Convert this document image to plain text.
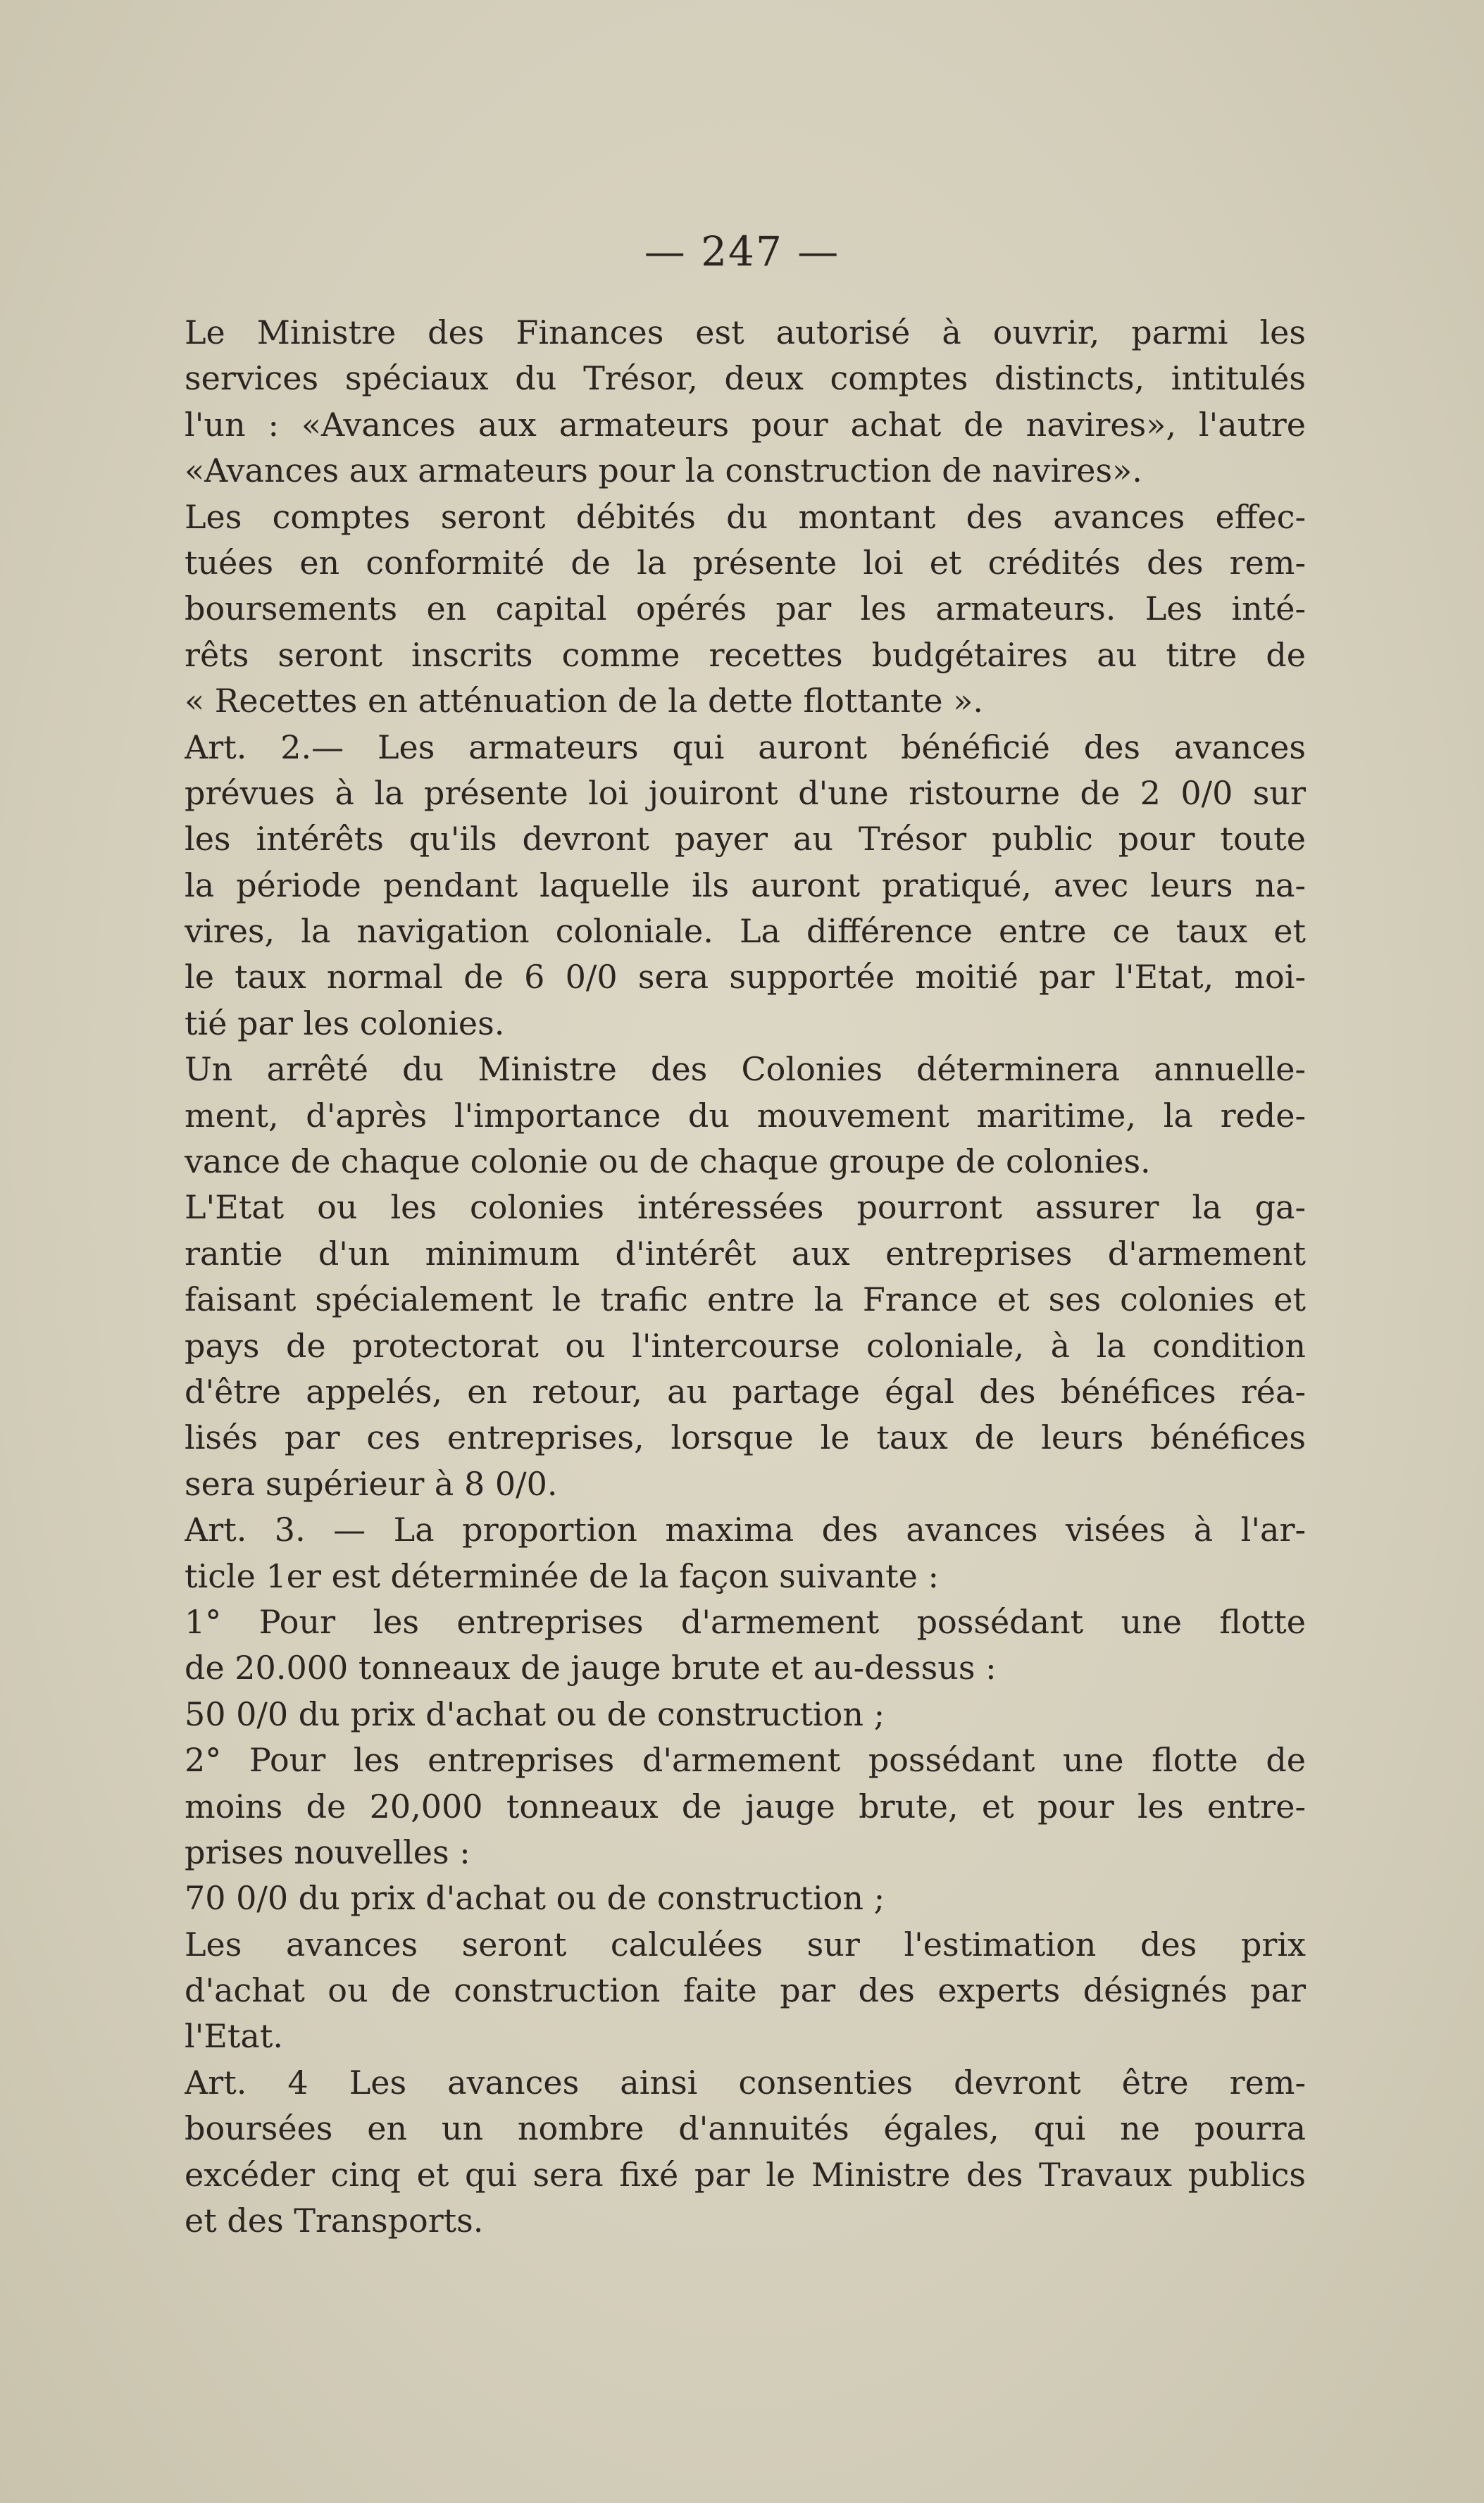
— 247 —
Le Ministre des Finances est autorisé à ouvrir, parmi les
services spéciaux du Trésor, deux comptes distincts, intitulés
l'un : «Avances aux armateurs pour achat de navires», l'autre
«Avances aux armateurs pour la construction de navires».
Les comptes seront débités du montant des avances effec-
tuées en conformité de la présente loi et crédités des rem-
boursements en capital opérés par les armateurs. Les inté-
rêts seront inscrits comme recettes budgétaires au titre de
« Recettes en atténuation de la dette flottante ».
Art. 2.— Les armateurs qui auront bénéficié des avances
prévues à la présente loi jouiront d'une ristourne de 2 0/0 sur
les intérêts qu'ils devront payer au Trésor public pour toute
la période pendant laquelle ils auront pratiqué, avec leurs na-
vires, la navigation coloniale. La différence entre ce taux et
le taux normal de 6 0/0 sera supportée moitié par l'Etat, moi-
tié par les colonies.
Un arrêté du Ministre des Colonies déterminera annuelle-
ment, d'après l'importance du mouvement maritime, la rede-
vance de chaque colonie ou de chaque groupe de colonies.
L'Etat ou les colonies intéressées pourront assurer la ga-
rantie d'un minimum d'intérêt aux entreprises d'armement
faisant spécialement le trafic entre la France et ses colonies et
pays de protectorat ou l'intercourse coloniale, à la condition
d'être appelés, en retour, au partage égal des bénéfices réa-
lisés par ces entreprises, lorsque le taux de leurs bénéfices
sera supérieur à 8 0/0.
Art. 3. — La proportion maxima des avances visées à l'ar-
ticle 1er est déterminée de la façon suivante :
1° Pour les entreprises d'armement possédant une flotte
de 20.000 tonneaux de jauge brute et au-dessus :
50 0/0 du prix d'achat ou de construction ;
2° Pour les entreprises d'armement possédant une flotte de
moins de 20,000 tonneaux de jauge brute, et pour les entre-
prises nouvelles :
70 0/0 du prix d'achat ou de construction ;
Les avances seront calculées sur l'estimation des prix
d'achat ou de construction faite par des experts désignés par
l'Etat.
Art. 4 Les avances ainsi consenties devront être rem-
boursées en un nombre d'annuités égales, qui ne pourra
excéder cinq et qui sera fixé par le Ministre des Travaux publics
et des Transports.
